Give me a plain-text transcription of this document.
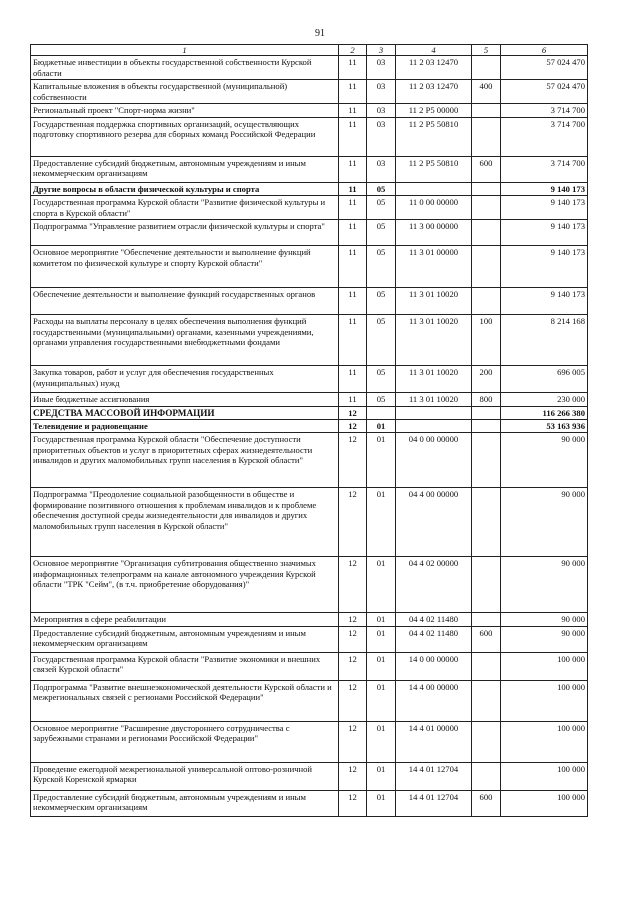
91
1	2	3	4	5	6
Бюджетные инвестиции в объекты государственной собственности Курской области	11	03	11 2 03 12470		57 024 470
Капитальные вложения в объекты государственной (муниципальной) собственности	11	03	11 2 03 12470	400	57 024 470
Региональный проект "Спорт-норма жизни"	11	03	11 2 P5 00000		3 714 700
Государственная поддержка спортивных организаций, осуществляющих подготовку спортивного резерва для сборных команд Российской Федерации	11	03	11 2 P5 50810		3 714 700
Предоставление субсидий бюджетным, автономным учреждениям и иным некоммерческим организациям	11	03	11 2 P5 50810	600	3 714 700
Другие вопросы в области физической культуры и спорта	11	05			9 140 173
Государственная программа Курской области "Развитие физической культуры и спорта в Курской области"	11	05	11 0 00 00000		9 140 173
Подпрограмма "Управление развитием отрасли физической культуры и спорта"	11	05	11 3 00 00000		9 140 173
Основное мероприятие "Обеспечение деятельности и выполнение функций комитетом по физической культуре и спорту Курской области"	11	05	11 3 01 00000		9 140 173
Обеспечение деятельности и выполнение функций государственных органов	11	05	11 3 01 10020		9 140 173
Расходы на выплаты персоналу в целях обеспечения выполнения функций государственными (муниципальными) органами, казенными учреждениями, органами управления государственными внебюджетными фондами	11	05	11 3 01 10020	100	8 214 168
Закупка товаров, работ и услуг для обеспечения государственных (муниципальных) нужд	11	05	11 3 01 10020	200	696 005
Иные бюджетные ассигнования	11	05	11 3 01 10020	800	230 000
СРЕДСТВА МАССОВОЙ ИНФОРМАЦИИ	12				116 266 380
Телевидение и радиовещание	12	01			53 163 936
Государственная программа Курской области "Обеспечение доступности приоритетных объектов и услуг в приоритетных сферах жизнедеятельности инвалидов и других маломобильных групп населения в Курской области"	12	01	04 0 00 00000		90 000
Подпрограмма "Преодоление социальной разобщенности в обществе и формирование позитивного отношения к проблемам инвалидов и к проблеме обеспечения доступной среды жизнедеятельности для инвалидов и других маломобильных групп населения в Курской области"	12	01	04 4 00 00000		90 000
Основное мероприятие "Организация субтитрования общественно значимых информационных телепрограмм на канале автономного учреждения Курской области "ТРК "Сейм", (в т.ч. приобретение оборудования)"	12	01	04 4 02 00000		90 000
Мероприятия в сфере реабилитации	12	01	04 4 02 11480		90 000
Предоставление субсидий бюджетным, автономным учреждениям и иным некоммерческим организациям	12	01	04 4 02 11480	600	90 000
Государственная программа Курской области "Развитие экономики и внешних связей Курской области"	12	01	14 0 00 00000		100 000
Подпрограмма "Развитие внешнеэкономической деятельности Курской области и межрегиональных связей с регионами Российской Федерации"	12	01	14 4 00 00000		100 000
Основное мероприятие "Расширение двустороннего сотрудничества с зарубежными странами и регионами Российской Федерации"	12	01	14 4 01 00000		100 000
Проведение ежегодной межрегиональной универсальной оптово-розничной Курской Коренской ярмарки	12	01	14 4 01 12704		100 000
Предоставление субсидий бюджетным, автономным учреждениям и иным некоммерческим организациям	12	01	14 4 01 12704	600	100 000
